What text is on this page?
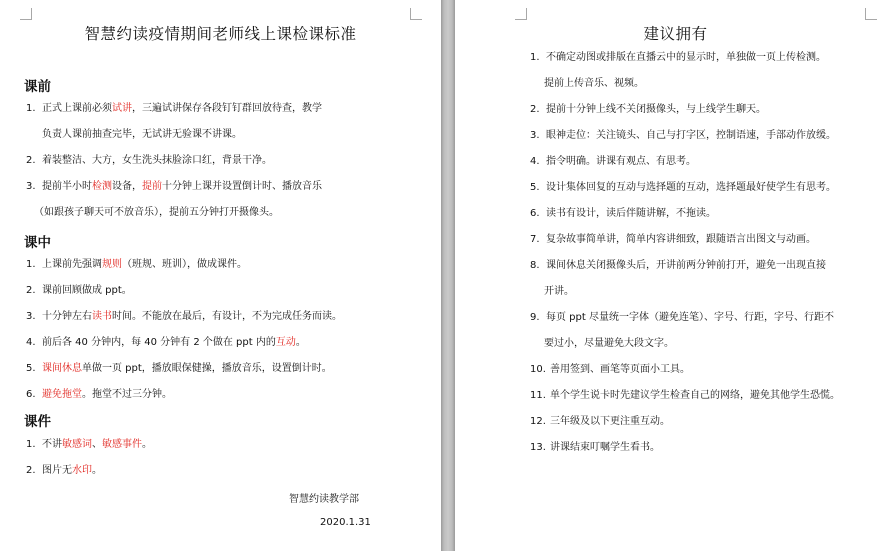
智慧约读疫情期间老师线上课检课标准
课前
1. 正式上课前必须试讲，三遍试讲保存各段钉钉群回放待查，教学
负责人课前抽查完毕，无试讲无验课不讲课。
2. 着装整洁、大方，女生洗头抹脸涂口红，背景干净。
3. 提前半小时检测设备，提前十分钟上课并设置倒计时、播放音乐
（如跟孩子聊天可不放音乐），提前五分钟打开摄像头。
课中
1. 上课前先强调规则（班规、班训），做成课件。
2. 课前回顾做成 ppt。
3. 十分钟左右读书时间。不能放在最后，有设计，不为完成任务而读。
4. 前后各 40 分钟内，每 40 分钟有 2 个做在 ppt 内的互动。
5. 课间休息单做一页 ppt，播放眼保健操，播放音乐，设置倒计时。
6. 避免拖堂。拖堂不过三分钟。
课件
1. 不讲敏感词、敏感事件。
2. 图片无水印。
智慧约读教学部
2020.1.31
建议拥有
1. 不确定动图或排版在直播云中的显示时，单独做一页上传检测。
提前上传音乐、视频。
2. 提前十分钟上线不关闭摄像头，与上线学生聊天。
3. 眼神走位：关注镜头、自己与打字区，控制语速，手部动作放缓。
4. 指令明确。讲课有观点、有思考。
5. 设计集体回复的互动与选择题的互动，选择题最好使学生有思考。
6. 读书有设计，读后伴随讲解，不拖读。
7. 复杂故事简单讲，简单内容讲细致，跟随语言出图文与动画。
8. 课间休息关闭摄像头后，开讲前两分钟前打开，避免一出现直接
开讲。
9. 每页 ppt 尽量统一字体（避免连笔）、字号、行距，字号、行距不
要过小，尽量避免大段文字。
10. 善用签到、画笔等页面小工具。
11. 单个学生说卡时先建议学生检查自己的网络，避免其他学生恐慌。
12. 三年级及以下更注重互动。
13. 讲课结束叮嘱学生看书。
